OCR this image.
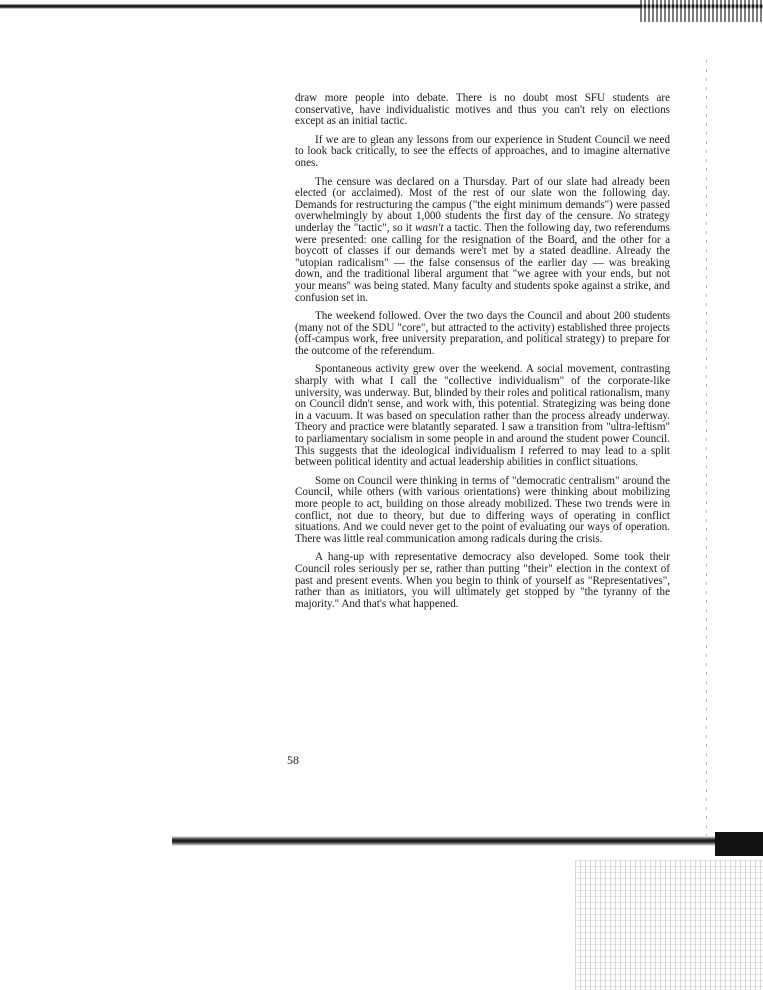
draw more people into debate. There is no doubt most SFU students are conservative, have individualistic motives and thus you can't rely on elections except as an initial tactic.

If we are to glean any lessons from our experience in Student Council we need to look back critically, to see the effects of approaches, and to imagine alternative ones.

The censure was declared on a Thursday. Part of our slate had already been elected (or acclaimed). Most of the rest of our slate won the following day. Demands for restructuring the campus ("the eight minimum demands") were passed overwhelmingly by about 1,000 students the first day of the censure. No strategy underlay the "tactic", so it wasn't a tactic. Then the following day, two referendums were presented: one calling for the resignation of the Board, and the other for a boycott of classes if our demands were't met by a stated deadline. Already the "utopian radicalism" — the false consensus of the earlier day — was breaking down, and the traditional liberal argument that "we agree with your ends, but not your means" was being stated. Many faculty and students spoke against a strike, and confusion set in.

The weekend followed. Over the two days the Council and about 200 students (many not of the SDU "core", but attracted to the activity) established three projects (off-campus work, free university preparation, and political strategy) to prepare for the outcome of the referendum.

Spontaneous activity grew over the weekend. A social movement, contrasting sharply with what I call the "collective individualism" of the corporate-like university, was underway. But, blinded by their roles and political rationalism, many on Council didn't sense, and work with, this potential. Strategizing was being done in a vacuum. It was based on speculation rather than the process already underway. Theory and practice were blatantly separated. I saw a transition from "ultra-leftism" to parliamentary socialism in some people in and around the student power Council. This suggests that the ideological individualism I referred to may lead to a split between political identity and actual leadership abilities in conflict situations.

Some on Council were thinking in terms of "democratic centralism" around the Council, while others (with various orientations) were thinking about mobilizing more people to act, building on those already mobilized. These two trends were in conflict, not due to theory, but due to differing ways of operating in conflict situations. And we could never get to the point of evaluating our ways of operation. There was little real communication among radicals during the crisis.

A hang-up with representative democracy also developed. Some took their Council roles seriously per se, rather than putting "their" election in the context of past and present events. When you begin to think of yourself as "Representatives", rather than as initiators, you will ultimately get stopped by "the tyranny of the majority." And that's what happened.

58
